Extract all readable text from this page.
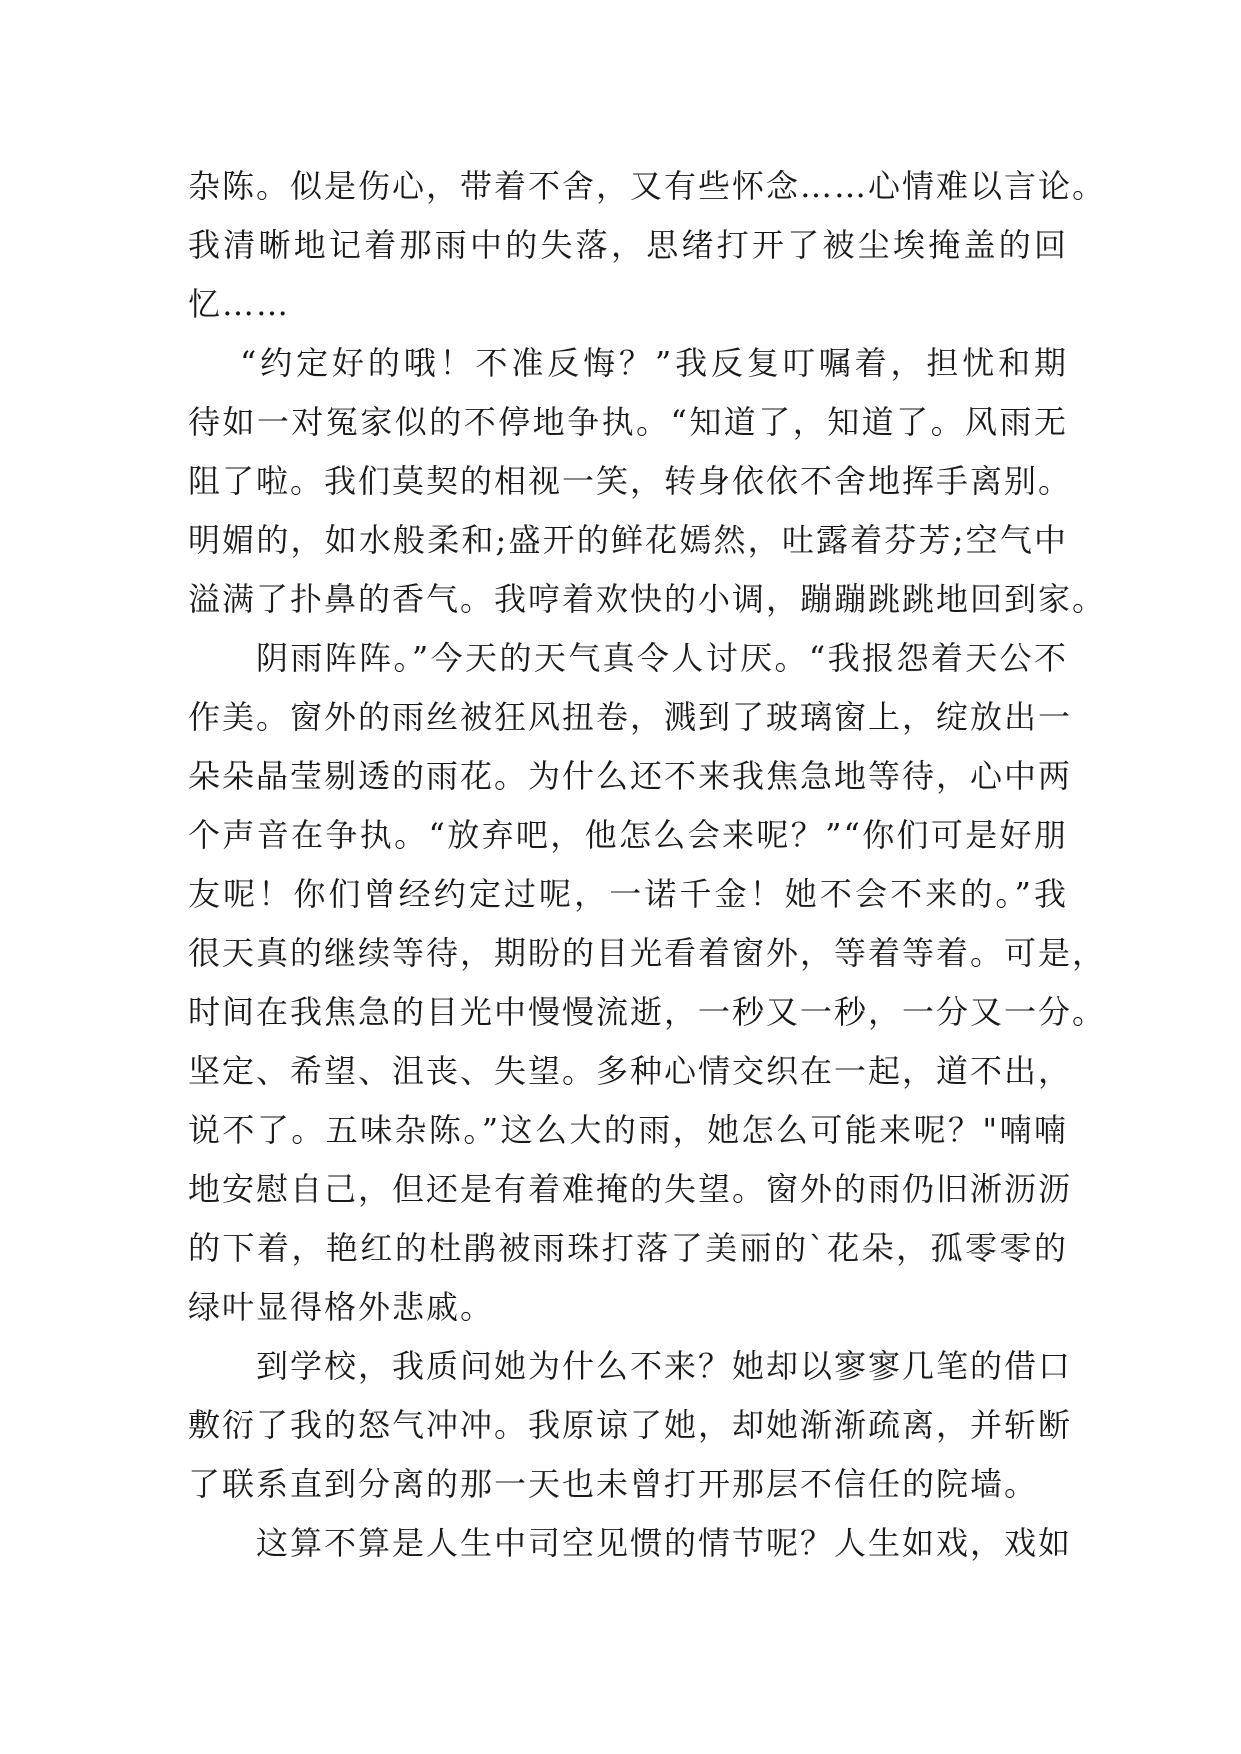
杂陈。似是伤心，带着不舍，又有些怀念……心情难以言论。
我清晰地记着那雨中的失落，思绪打开了被尘埃掩盖的回
忆……
“约定好的哦！不准反悔？”我反复叮嘱着，担忧和期
待如一对冤家似的不停地争执。“知道了，知道了。风雨无
阻了啦。我们莫契的相视一笑，转身依依不舍地挥手离别。
明媚的，如水般柔和;盛开的鲜花嫣然，吐露着芬芳;空气中
溢满了扑鼻的香气。我哼着欢快的小调，蹦蹦跳跳地回到家。
阴雨阵阵。”今天的天气真令人讨厌。“我报怨着天公不
作美。窗外的雨丝被狂风扭卷，溅到了玻璃窗上，绽放出一
朵朵晶莹剔透的雨花。为什么还不来我焦急地等待，心中两
个声音在争执。“放弃吧，他怎么会来呢？”“你们可是好朋
友呢！你们曾经约定过呢，一诺千金！她不会不来的。”我
很天真的继续等待，期盼的目光看着窗外，等着等着。可是，
时间在我焦急的目光中慢慢流逝，一秒又一秒，一分又一分。
坚定、希望、沮丧、失望。多种心情交织在一起，道不出，
说不了。五味杂陈。”这么大的雨，她怎么可能来呢？"喃喃
地安慰自己，但还是有着难掩的失望。窗外的雨仍旧淅沥沥
的下着，艳红的杜鹃被雨珠打落了美丽的`花朵，孤零零的
绿叶显得格外悲戚。
到学校，我质问她为什么不来？她却以寥寥几笔的借口
敷衍了我的怒气冲冲。我原谅了她，却她渐渐疏离，并斩断
了联系直到分离的那一天也未曾打开那层不信任的院墙。
这算不算是人生中司空见惯的情节呢？人生如戏，戏如
